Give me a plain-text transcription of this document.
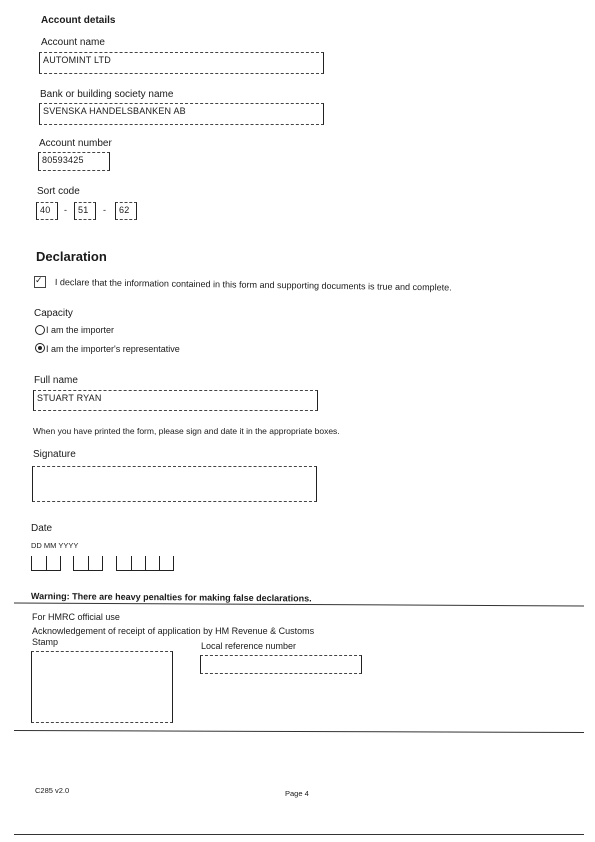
Account details
Account name
AUTOMINT LTD
Bank or building society name
SVENSKA HANDELSBANKEN AB
Account number
80593425
Sort code
40 - 51 - 62
Declaration
✓ I declare that the information contained in this form and supporting documents is true and complete.
Capacity
I am the importer
I am the importer's representative
Full name
STUART RYAN
When you have printed the form, please sign and date it in the appropriate boxes.
Signature
Date
DD MM YYYY
Warning: There are heavy penalties for making false declarations.
For HMRC official use
Acknowledgement of receipt of application by HM Revenue & Customs
Stamp	Local reference number
C285 v2.0	Page 4
